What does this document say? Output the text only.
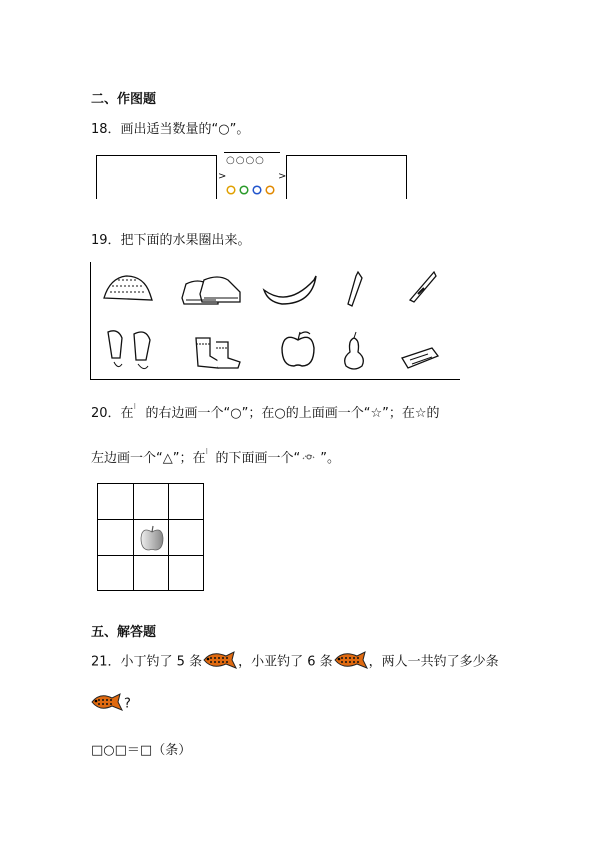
二、作图题
18．画出适当数量的“○”。
○○○○
>	>
19．把下面的水果圈出来。
20．在⁝ 的右边画一个“○”；在○的上面画一个“☆”；在☆的
左边画一个“△”；在⁝ 的下面画一个“ ”。
五、解答题
21．小丁钓了 5 条	，小亚钓了 6 条	，两人一共钓了多少条
?
□○□＝□（条）
